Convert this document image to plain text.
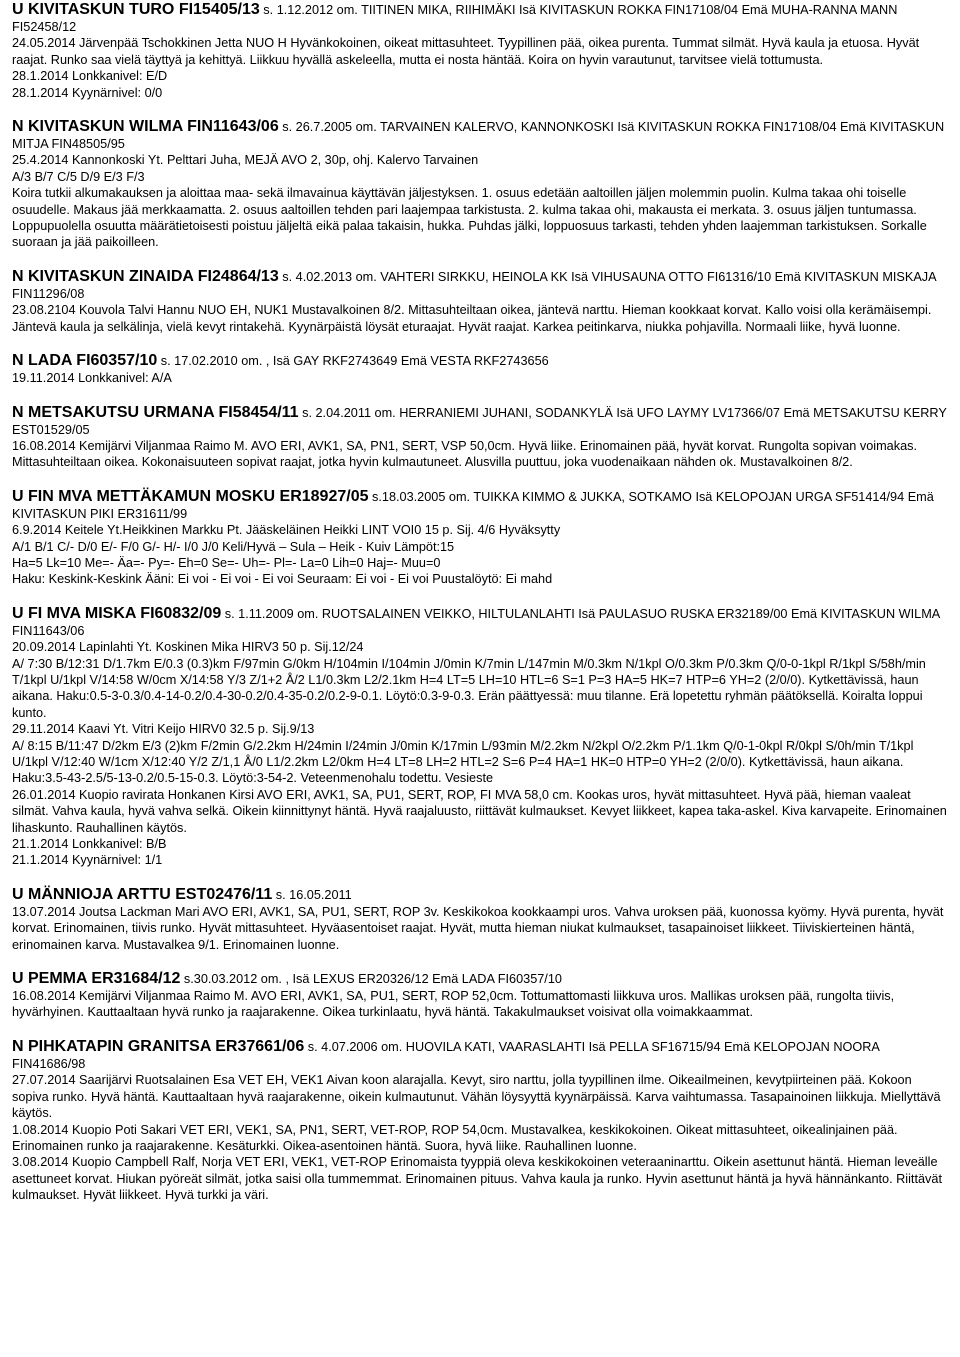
U KIVITASKUN TURO FI15405/13 s. 1.12.2012 om. TIITINEN MIKA, RIIHIMÄKI Isä KIVITASKUN ROKKA FIN17108/04 Emä MUHA-RANNA MANN FI52458/12

24.05.2014 Järvenpää Tschokkinen Jetta NUO H Hyvänkokoinen, oikeat mittasuhteet. Tyypillinen pää, oikea purenta. Tummat silmät. Hyvä kaula ja etuosa. Hyvät raajat. Runko saa vielä täyttyä ja kehittyä. Liikkuu hyvällä askeleella, mutta ei nosta häntää. Koira on hyvin varautunut, tarvitsee vielä tottumusta.

28.1.2014 Lonkkanivel: E/D

28.1.2014 Kyynärnivel: 0/0

N KIVITASKUN WILMA FIN11643/06 s. 26.7.2005 om. TARVAINEN KALERVO, KANNONKOSKI Isä KIVITASKUN ROKKA FIN17108/04 Emä KIVITASKUN MITJA FIN48505/95

25.4.2014 Kannonkoski Yt. Pelttari Juha, MEJÄ AVO 2, 30p, ohj. Kalervo Tarvainen

A/3 B/7 C/5 D/9 E/3 F/3

Koira tutkii alkumakauksen ja aloittaa maa- sekä ilmavainua käyttävän jäljestyksen. 1. osuus edetään aaltoillen jäljen molemmin puolin. Kulma takaa ohi toiselle osuudelle. Makaus jää merkkaamatta. 2. osuus aaltoillen tehden pari laajempaa tarkistusta. 2. kulma takaa ohi, makausta ei merkata. 3. osuus jäljen tuntumassa. Loppupuolella osuutta määrätietoisesti poistuu jäljeltä eikä palaa takaisin, hukka. Puhdas jälki, loppuosuus tarkasti, tehden yhden laajemman tarkistuksen. Sorkalle suoraan ja jää paikoilleen.

N KIVITASKUN ZINAIDA FI24864/13 s. 4.02.2013 om. VAHTERI SIRKKU, HEINOLA KK Isä VIHUSAUNA OTTO FI61316/10 Emä KIVITASKUN MISKAJA FIN11296/08

23.08.2104 Kouvola Talvi Hannu NUO EH, NUK1 Mustavalkoinen 8/2. Mittasuhteiltaan oikea, jäntevä narttu. Hieman kookkaat korvat. Kallo voisi olla kerämäisempi. Jäntevä kaula ja selkälinja, vielä kevyt rintakehä. Kyynärpäistä löysät eturaajat. Hyvät raajat. Karkea peitinkarva, niukka pohjavilla. Normaali liike, hyvä luonne.

N LADA FI60357/10 s. 17.02.2010 om. , Isä GAY RKF2743649 Emä VESTA RKF2743656

19.11.2014 Lonkkanivel: A/A

N METSAKUTSU URMANA FI58454/11 s. 2.04.2011 om. HERRANIEMI JUHANI, SODANKYLÄ Isä UFO LAYMY LV17366/07 Emä METSAKUTSU KERRY EST01529/05

16.08.2014 Kemijärvi Viljanmaa Raimo M. AVO ERI, AVK1, SA, PN1, SERT, VSP 50,0cm. Hyvä liike. Erinomainen pää, hyvät korvat. Rungolta sopivan voimakas. Mittasuhteiltaan oikea. Kokonaisuuteen sopivat raajat, jotka hyvin kulmautuneet. Alusvilla puuttuu, joka vuodenaikaan nähden ok. Mustavalkoinen 8/2.

U FIN MVA METTÄKAMUN MOSKU ER18927/05 s.18.03.2005 om. TUIKKA KIMMO & JUKKA, SOTKAMO Isä KELOPOJAN URGA SF51414/94 Emä KIVITASKUN PIKI ER31611/99

6.9.2014 Keitele Yt.Heikkinen Markku Pt. Jääskeläinen Heikki LINT VOI0 15 p. Sij. 4/6 Hyväksytty

A/1 B/1 C/- D/0 E/- F/0 G/- H/- I/0 J/0 Keli/Hyvä – Sula – Heik - Kuiv Lämpöt:15

Ha=5 Lk=10 Me=- Äa=- Py=- Eh=0 Se=- Uh=- Pl=- La=0 Lih=0 Haj=- Muu=0

Haku: Keskink-Keskink Ääni: Ei voi - Ei voi - Ei voi Seuraam: Ei voi - Ei voi Puustalöytö: Ei mahd

U FI MVA MISKA FI60832/09 s. 1.11.2009 om. RUOTSALAINEN VEIKKO, HILTULANLAHTI Isä PAULASUO RUSKA ER32189/00 Emä KIVITASKUN WILMA FIN11643/06

20.09.2014 Lapinlahti Yt. Koskinen Mika HIRV3 50 p. Sij.12/24

A/ 7:30 B/12:31 D/1.7km E/0.3 (0.3)km F/97min G/0km H/104min I/104min J/0min K/7min L/147min M/0.3km N/1kpl O/0.3km P/0.3km Q/0-0-1kpl R/1kpl S/58h/min T/1kpl U/1kpl V/14:58 W/0cm X/14:58 Y/3 Z/1+2 Å/2 L1/0.3km L2/2.1km H=4 LT=5 LH=10 HTL=6 S=1 P=3 HA=5 HK=7 HTP=6 YH=2 (2/0/0). Kytkettävissä, haun aikana. Haku:0.5-3-0.3/0.4-14-0.2/0.4-30-0.2/0.4-35-0.2/0.2-9-0.1. Löytö:0.3-9-0.3. Erän päättyessä: muu tilanne. Erä lopetettu ryhmän päätöksellä. Koiralta loppui kunto.

29.11.2014 Kaavi Yt. Vitri Keijo HIRV0 32.5 p. Sij.9/13

A/ 8:15 B/11:47 D/2km E/3 (2)km F/2min G/2.2km H/24min I/24min J/0min K/17min L/93min M/2.2km N/2kpl O/2.2km P/1.1km Q/0-1-0kpl R/0kpl S/0h/min T/1kpl U/1kpl V/12:40 W/1cm X/12:40 Y/2 Z/1,1 Å/0 L1/2.2km L2/0km H=4 LT=8 LH=2 HTL=2 S=6 P=4 HA=1 HK=0 HTP=0 YH=2 (2/0/0). Kytkettävissä, haun aikana. Haku:3.5-43-2.5/5-13-0.2/0.5-15-0.3. Löytö:3-54-2. Veteenmenohalu todettu. Vesieste

26.01.2014 Kuopio ravirata Honkanen Kirsi AVO ERI, AVK1, SA, PU1, SERT, ROP, FI MVA 58,0 cm. Kookas uros, hyvät mittasuhteet. Hyvä pää, hieman vaaleat silmät. Vahva kaula, hyvä vahva selkä. Oikein kiinnittynyt häntä. Hyvä raajaluusto, riittävät kulmaukset. Kevyet liikkeet, kapea taka-askel. Kiva karvapeite. Erinomainen lihaskunto. Rauhallinen käytös.

21.1.2014 Lonkkanivel: B/B

21.1.2014 Kyynärnivel: 1/1

U MÄNNIOJA ARTTU EST02476/11 s. 16.05.2011

13.07.2014 Joutsa Lackman Mari AVO ERI, AVK1, SA, PU1, SERT, ROP 3v. Keskikokoa kookkaampi uros. Vahva uroksen pää, kuonossa kyömy. Hyvä purenta, hyvät korvat. Erinomainen, tiivis runko. Hyvät mittasuhteet. Hyväasentoiset raajat. Hyvät, mutta hieman niukat kulmaukset, tasapainoiset liikkeet. Tiiviskierteinen häntä, erinomainen karva. Mustavalkea 9/1. Erinomainen luonne.

U PEMMA ER31684/12 s.30.03.2012 om. , Isä LEXUS ER20326/12 Emä LADA FI60357/10

16.08.2014 Kemijärvi Viljanmaa Raimo M. AVO ERI, AVK1, SA, PU1, SERT, ROP 52,0cm. Tottumattomasti liikkuva uros. Mallikas uroksen pää, rungolta tiivis, hyvärhyinen. Kauttaaltaan hyvä runko ja raajarakenne. Oikea turkinlaatu, hyvä häntä. Takakulmaukset voisivat olla voimakkaammat.

N PIHKATAPIN GRANITSA ER37661/06 s. 4.07.2006 om. HUOVILA KATI, VAARASLAHTI Isä PELLA SF16715/94 Emä KELOPOJAN NOORA FIN41686/98

27.07.2014 Saarijärvi Ruotsalainen Esa VET EH, VEK1 Aivan koon alarajalla. Kevyt, siro narttu, jolla tyypillinen ilme. Oikeailmeinen, kevytpiirteinen pää. Kokoon sopiva runko. Hyvä häntä. Kauttaaltaan hyvä raajarakenne, oikein kulmautunut. Vähän löysyyttä kyynärpäissä. Karva vaihtumassa. Tasapainoinen liikkuja. Miellyttävä käytös.

1.08.2014 Kuopio Poti Sakari VET ERI, VEK1, SA, PN1, SERT, VET-ROP, ROP 54,0cm. Mustavalkea, keskikokoinen. Oikeat mittasuhteet, oikealinjainen pää. Erinomainen runko ja raajarakenne. Kesäturkki. Oikea-asentoinen häntä. Suora, hyvä liike. Rauhallinen luonne.

3.08.2014 Kuopio Campbell Ralf, Norja VET ERI, VEK1, VET-ROP Erinomaista tyyppiä oleva keskikokoinen veteraaninarttu. Oikein asettunut häntä. Hieman leveälle asettuneet korvat. Hiukan pyöreät silmät, jotka saisi olla tummemmat. Erinomainen pituus. Vahva kaula ja runko. Hyvin asettunut häntä ja hyvä hännänkanto. Riittävät kulmaukset. Hyvät liikkeet. Hyvä turkki ja väri.
